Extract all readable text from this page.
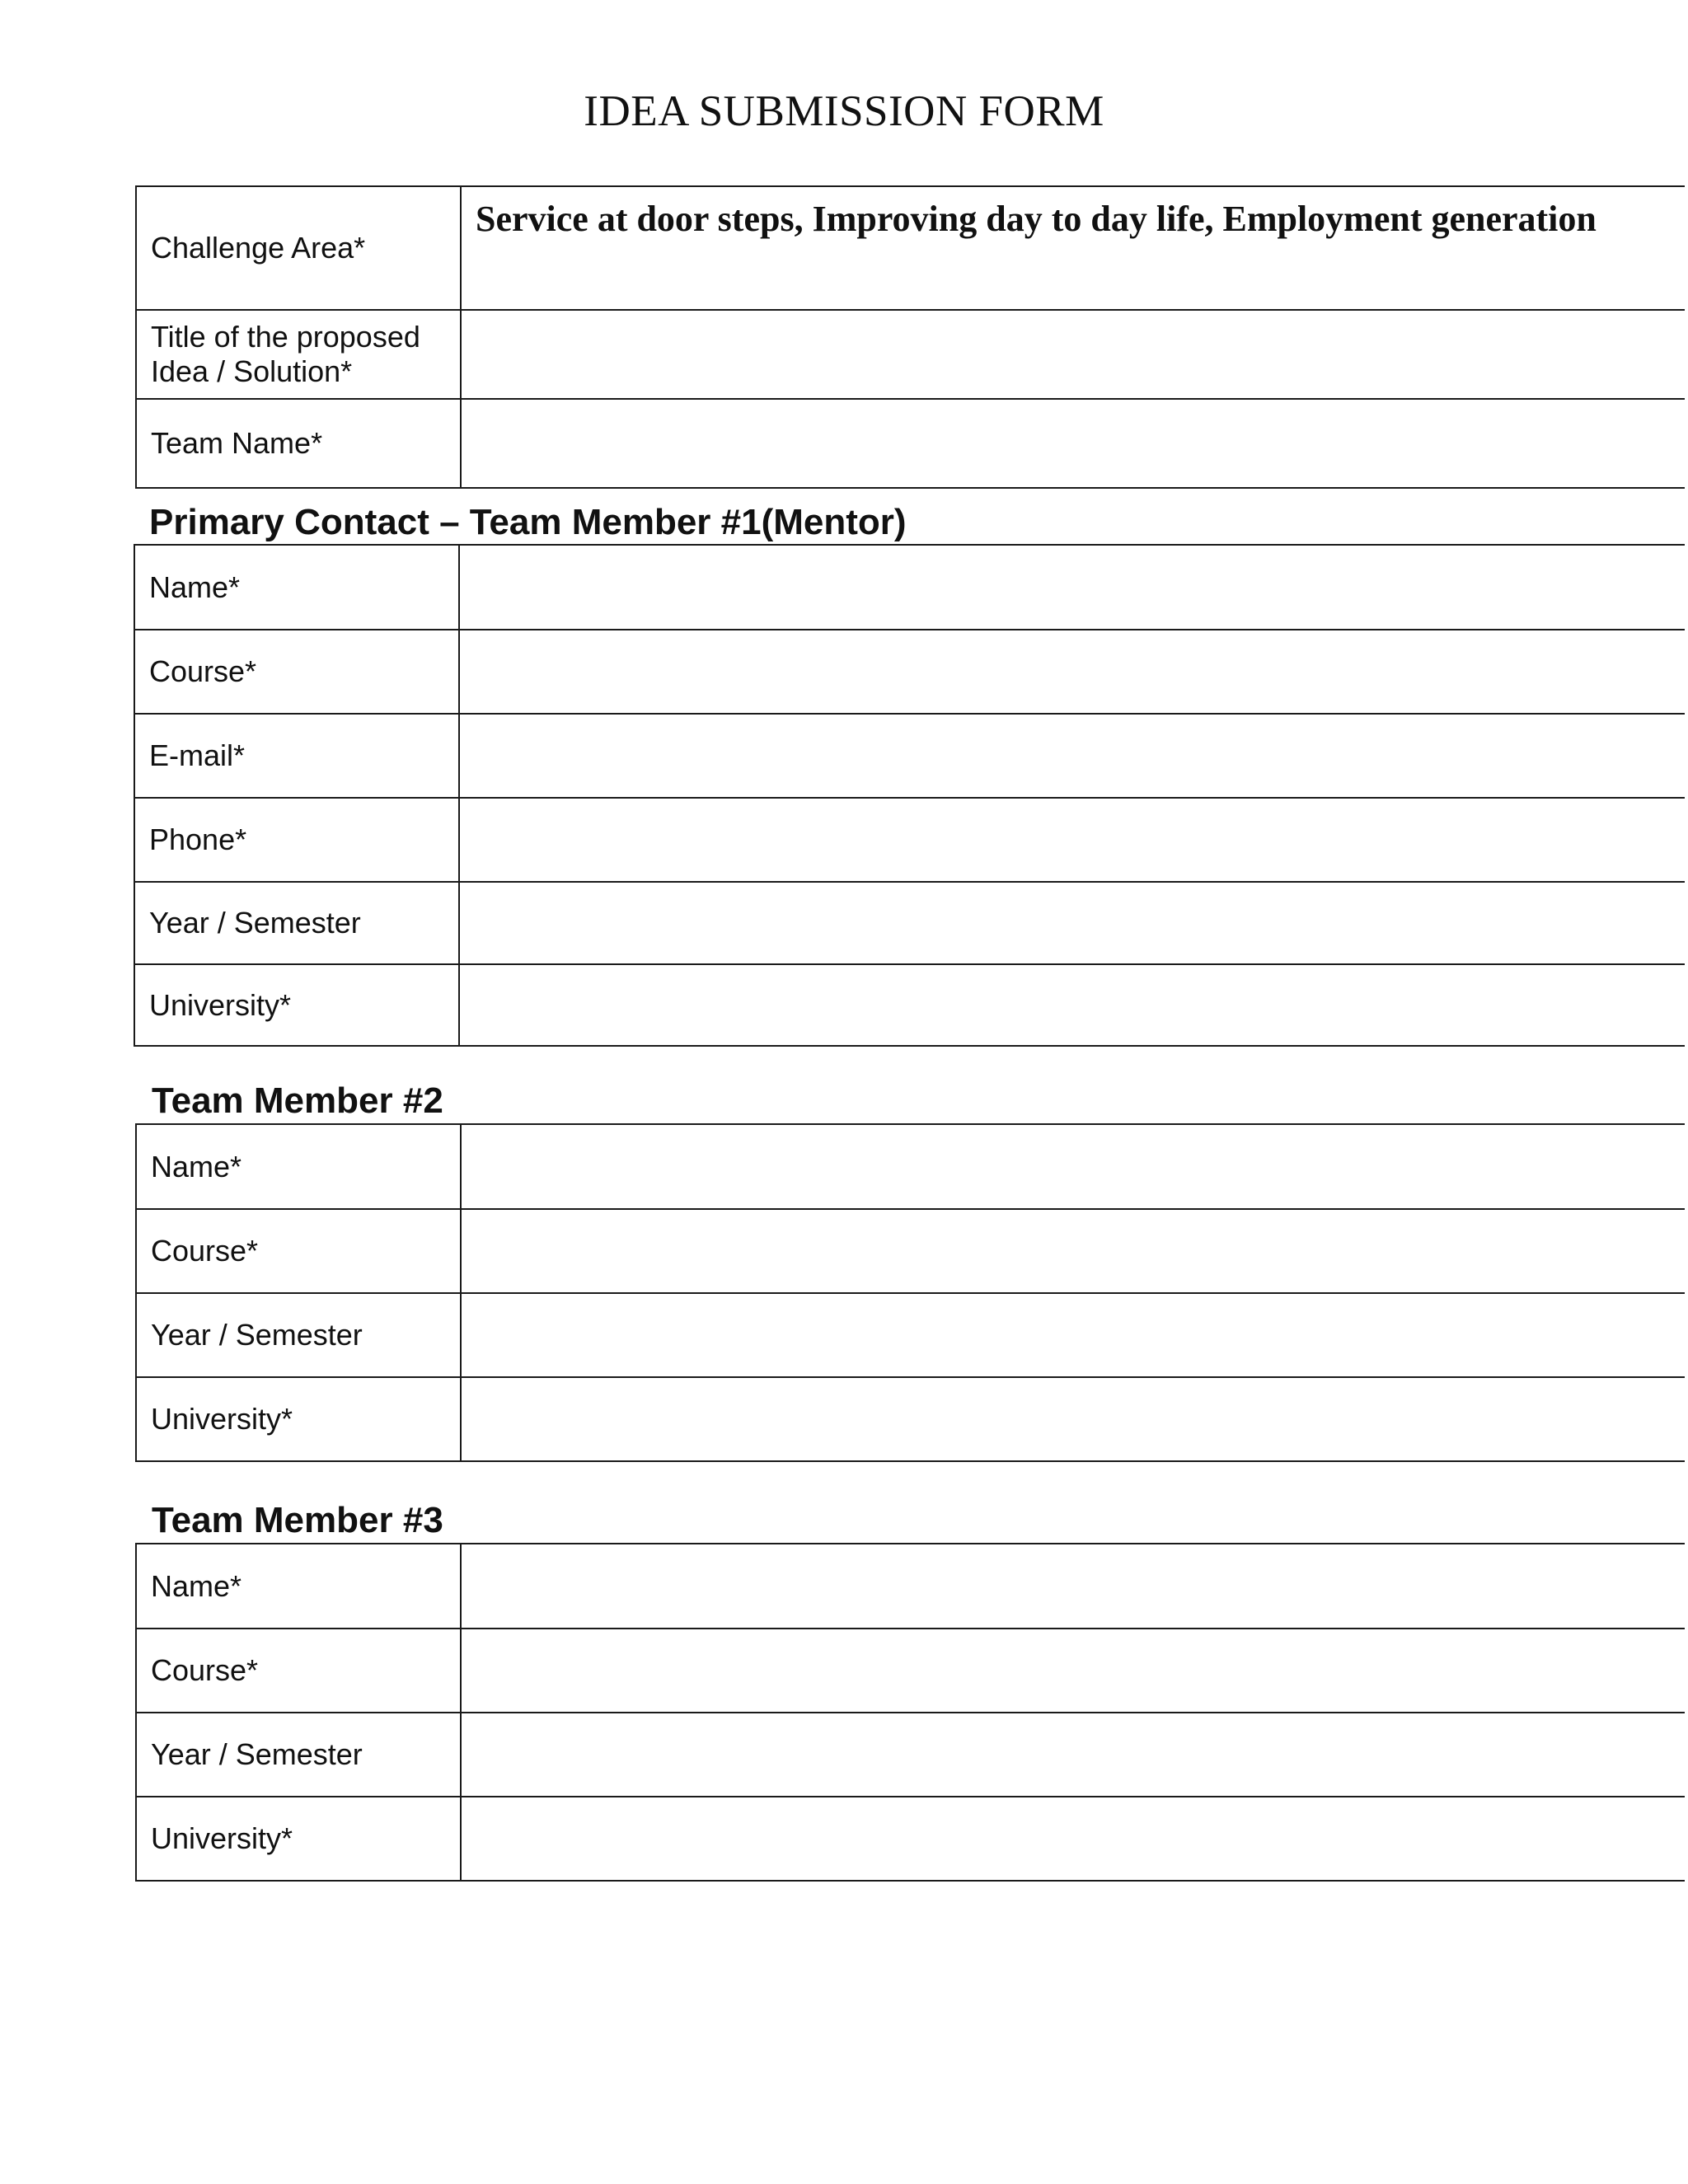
IDEA SUBMISSION FORM
Challenge Area*	Service at door steps, Improving day to day life, Employment generation

Title of the proposed
Idea / Solution*	

Team Name*	
Primary Contact – Team Member #1(Mentor)
Name*	
Course*	
E-mail*	
Phone*	
Year / Semester	
University*	
Team Member #2
Name*	
Course*	
Year / Semester	
University*	
Team Member #3
Name*	
Course*	
Year / Semester	
University*	
